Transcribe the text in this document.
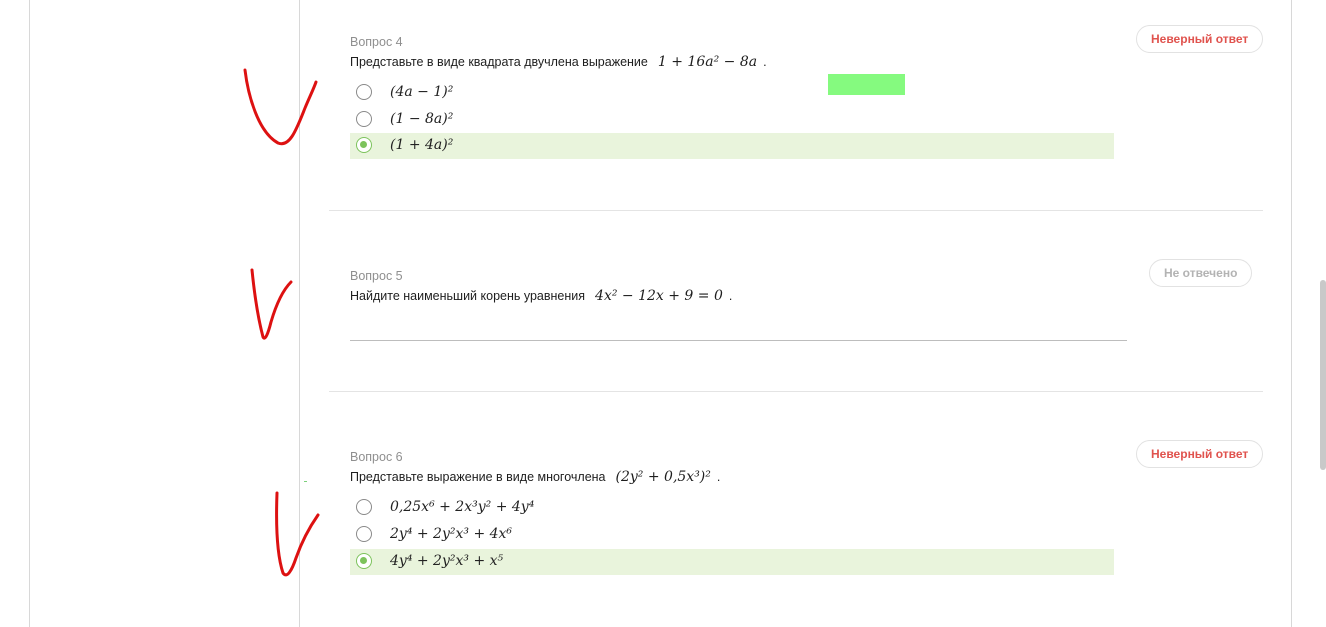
Вопрос 4
Представьте в виде квадрата двучлена выражение 1 + 16a² − 8a .
Неверный ответ
(4a − 1)²
(1 − 8a)²
(1 + 4a)²
Вопрос 5
Найдите наименьший корень уравнения 4x² − 12x + 9 = 0 .
Не отвечено
Вопрос 6
Представьте выражение в виде многочлена (2y² + 0,5x³)² .
Неверный ответ
0,25x⁶ + 2x³y² + 4y⁴
2y⁴ + 2y²x³ + 4x⁶
4y⁴ + 2y²x³ + x⁵
